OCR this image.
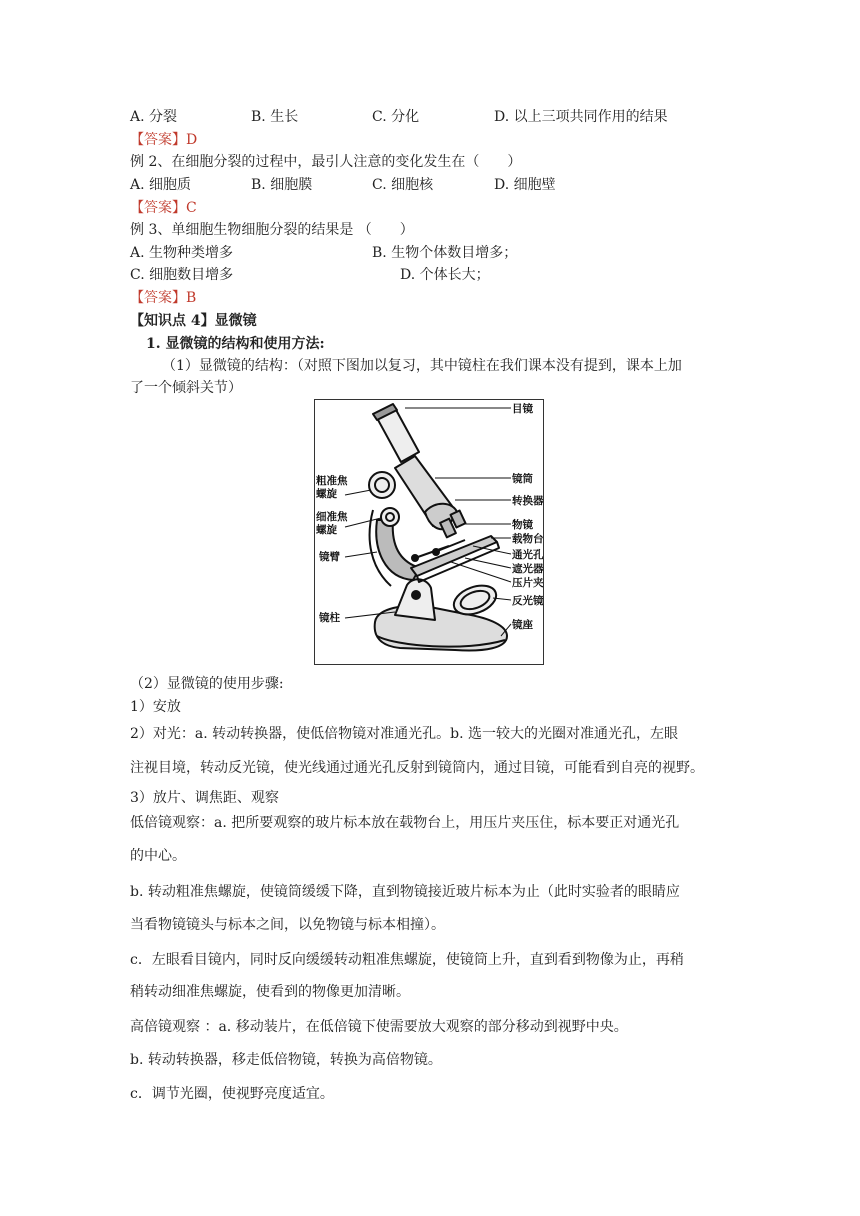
A. 分裂	B. 生长	C. 分化	D. 以上三项共同作用的结果
【答案】D
例 2、在细胞分裂的过程中，最引人注意的变化发生在（　　）
A. 细胞质	B. 细胞膜	C. 细胞核	D. 细胞壁
【答案】C
例 3、单细胞生物细胞分裂的结果是 （　　）
A. 生物种类增多	B. 生物个体数目增多；
C. 细胞数目增多	D. 个体长大；
【答案】B
【知识点 4】显微镜
1. 显微镜的结构和使用方法:
（1）显微镜的结构：（对照下图加以复习，其中镜柱在我们课本没有提到，课本上加
了一个倾斜关节）
目镜
镜筒
转换器
物镜
载物台
通光孔
遮光器
压片夹
反光镜
镜座
粗准焦
螺旋
细准焦
螺旋
镜臂
镜柱
（2）显微镜的使用步骤:
1）安放
2）对光：a. 转动转换器，使低倍物镜对准通光孔。b. 选一较大的光圈对准通光孔，左眼
注视目境，转动反光镜，使光线通过通光孔反射到镜筒内，通过目镜，可能看到自亮的视野。
3）放片、调焦距、观察
低倍镜观察：a. 把所要观察的玻片标本放在载物台上，用压片夹压住，标本要正对通光孔
的中心。
b. 转动粗准焦螺旋，使镜筒缓缓下降，直到物镜接近玻片标本为止（此时实验者的眼睛应
当看物镜镜头与标本之间，以免物镜与标本相撞）。
c．左眼看目镜内，同时反向缓缓转动粗准焦螺旋，使镜筒上升，直到看到物像为止，再稍
稍转动细准焦螺旋，使看到的物像更加清晰。
高倍镜观察 ：a. 移动装片，在低倍镜下使需要放大观察的部分移动到视野中央。
b. 转动转换器，移走低倍物镜，转换为高倍物镜。
c．调节光圈，使视野亮度适宜。
